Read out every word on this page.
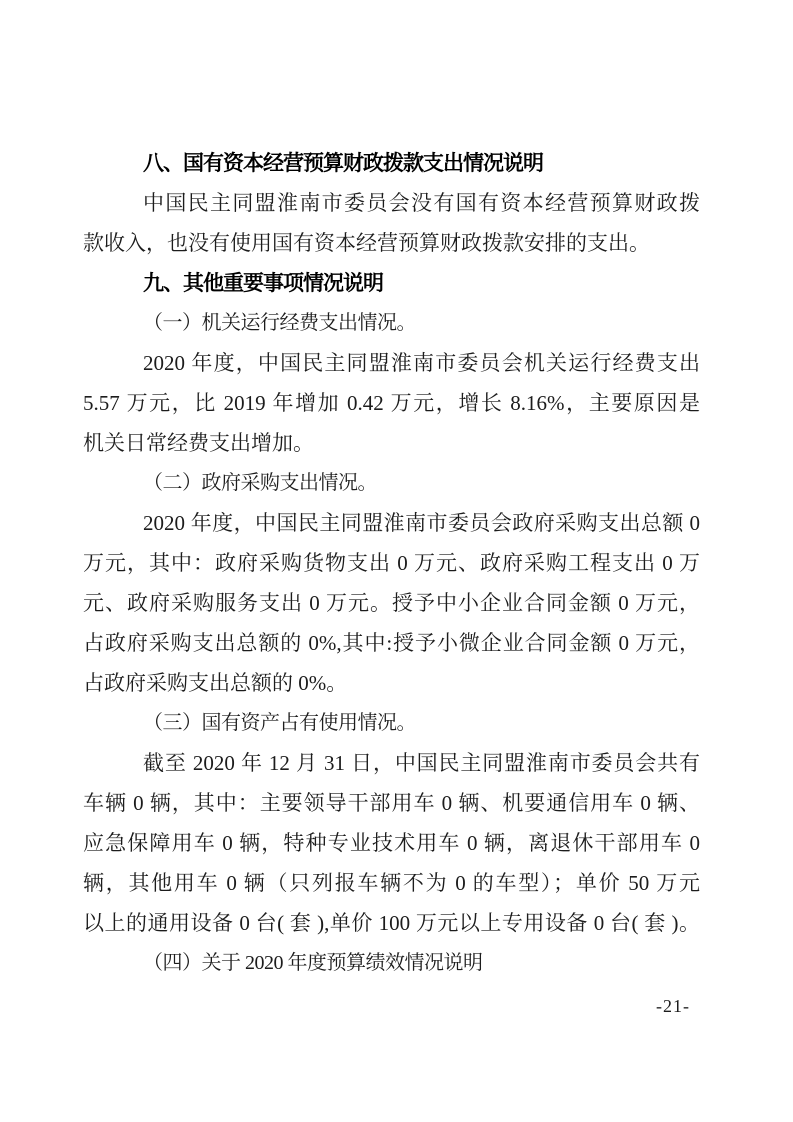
八、国有资本经营预算财政拨款支出情况说明
中国民主同盟淮南市委员会没有国有资本经营预算财政拨
款收入，也没有使用国有资本经营预算财政拨款安排的支出。
九、其他重要事项情况说明
（一）机关运行经费支出情况。
2020 年度，中国民主同盟淮南市委员会机关运行经费支出
5.57 万元，比 2019 年增加 0.42 万元，增长 8.16%，主要原因是
机关日常经费支出增加。
（二）政府采购支出情况。
2020 年度，中国民主同盟淮南市委员会政府采购支出总额 0
万元，其中：政府采购货物支出 0 万元、政府采购工程支出 0 万
元、政府采购服务支出 0 万元。授予中小企业合同金额 0 万元，
占政府采购支出总额的 0%,其中:授予小微企业合同金额 0 万元，
占政府采购支出总额的 0%。
（三）国有资产占有使用情况。
截至 2020 年 12 月 31 日，中国民主同盟淮南市委员会共有
车辆 0 辆，其中：主要领导干部用车 0 辆、机要通信用车 0 辆、
应急保障用车 0 辆，特种专业技术用车 0 辆，离退休干部用车 0
辆，其他用车 0 辆（只列报车辆不为 0 的车型）；单价 50 万元
以上的通用设备 0 台( 套 ),单价 100 万元以上专用设备 0 台( 套 )。
（四）关于 2020 年度预算绩效情况说明
-21-
